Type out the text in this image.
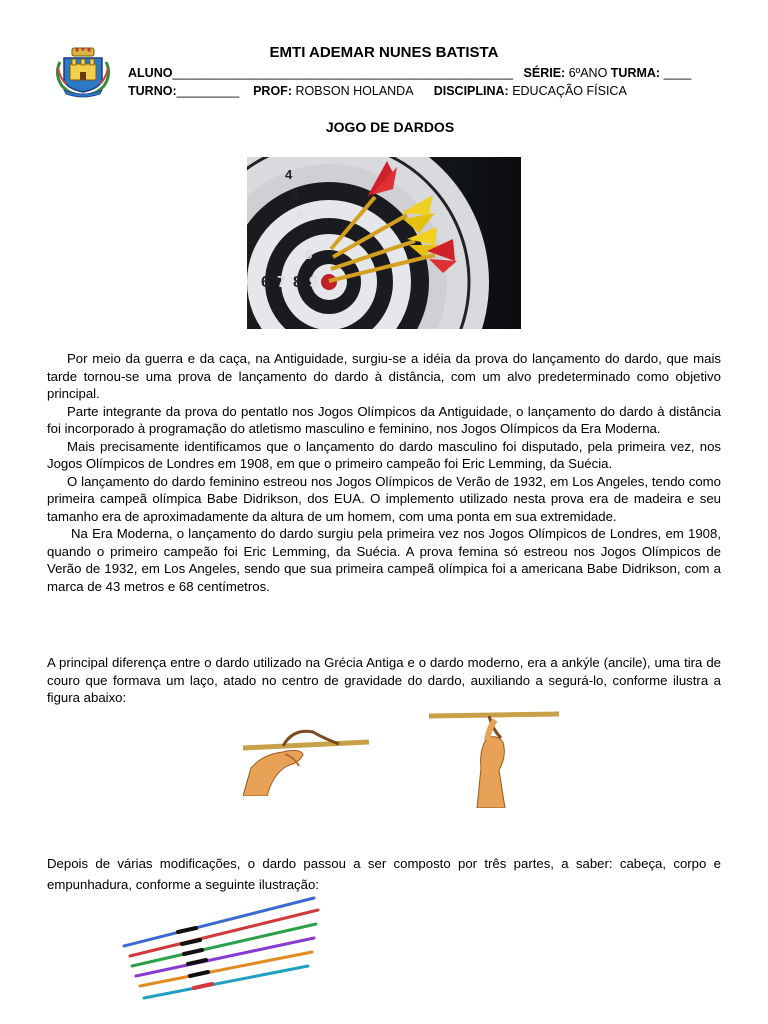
EMTI ADEMAR NUNES BATISTA
ALUNO_________________________________________________ SÉRIE: 6ºANO TURMA: ____
TURNO:_________ PROF: ROBSON HOLANDA DISCIPLINA: EDUCAÇÃO FÍSICA
JOGO DE DARDOS
4
5
6
7
8
6 7 8 9

Por meio da guerra e da caça, na Antiguidade, surgiu-se a idéia da prova do lançamento do dardo, que mais tarde tornou-se uma prova de lançamento do dardo à distância, com um alvo predeterminado como objetivo principal.

Parte integrante da prova do pentatlo nos Jogos Olímpicos da Antiguidade, o lançamento do dardo à distância foi incorporado à programação do atletismo masculino e feminino, nos Jogos Olímpicos da Era Moderna.

Mais precisamente identificamos que o lançamento do dardo masculino foi disputado, pela primeira vez, nos Jogos Olímpicos de Londres em 1908, em que o primeiro campeão foi Eric Lemming, da Suécia.

O lançamento do dardo feminino estreou nos Jogos Olímpicos de Verão de 1932, em Los Angeles, tendo como primeira campeã olímpica Babe Didrikson, dos EUA. O implemento utilizado nesta prova era de madeira e seu tamanho era de aproximadamente da altura de um homem, com uma ponta em sua extremidade.

Na Era Moderna, o lançamento do dardo surgiu pela primeira vez nos Jogos Olímpicos de Londres, em 1908, quando o primeiro campeão foi Eric Lemming, da Suécia. A prova femina só estreou nos Jogos Olímpicos de Verão de 1932, em Los Angeles, sendo que sua primeira campeã olímpica foi a americana Babe Didrikson, com a marca de 43 metros e 68 centímetros.

A principal diferença entre o dardo utilizado na Grécia Antiga e o dardo moderno, era a ankýle (ancile), uma tira de couro que formava um laço, atado no centro de gravidade do dardo, auxiliando a segurá-lo, conforme ilustra a figura abaixo:
Depois de várias modificações, o dardo passou a ser composto por três partes, a saber: cabeça, corpo e empunhadura, conforme a seguinte ilustração:
